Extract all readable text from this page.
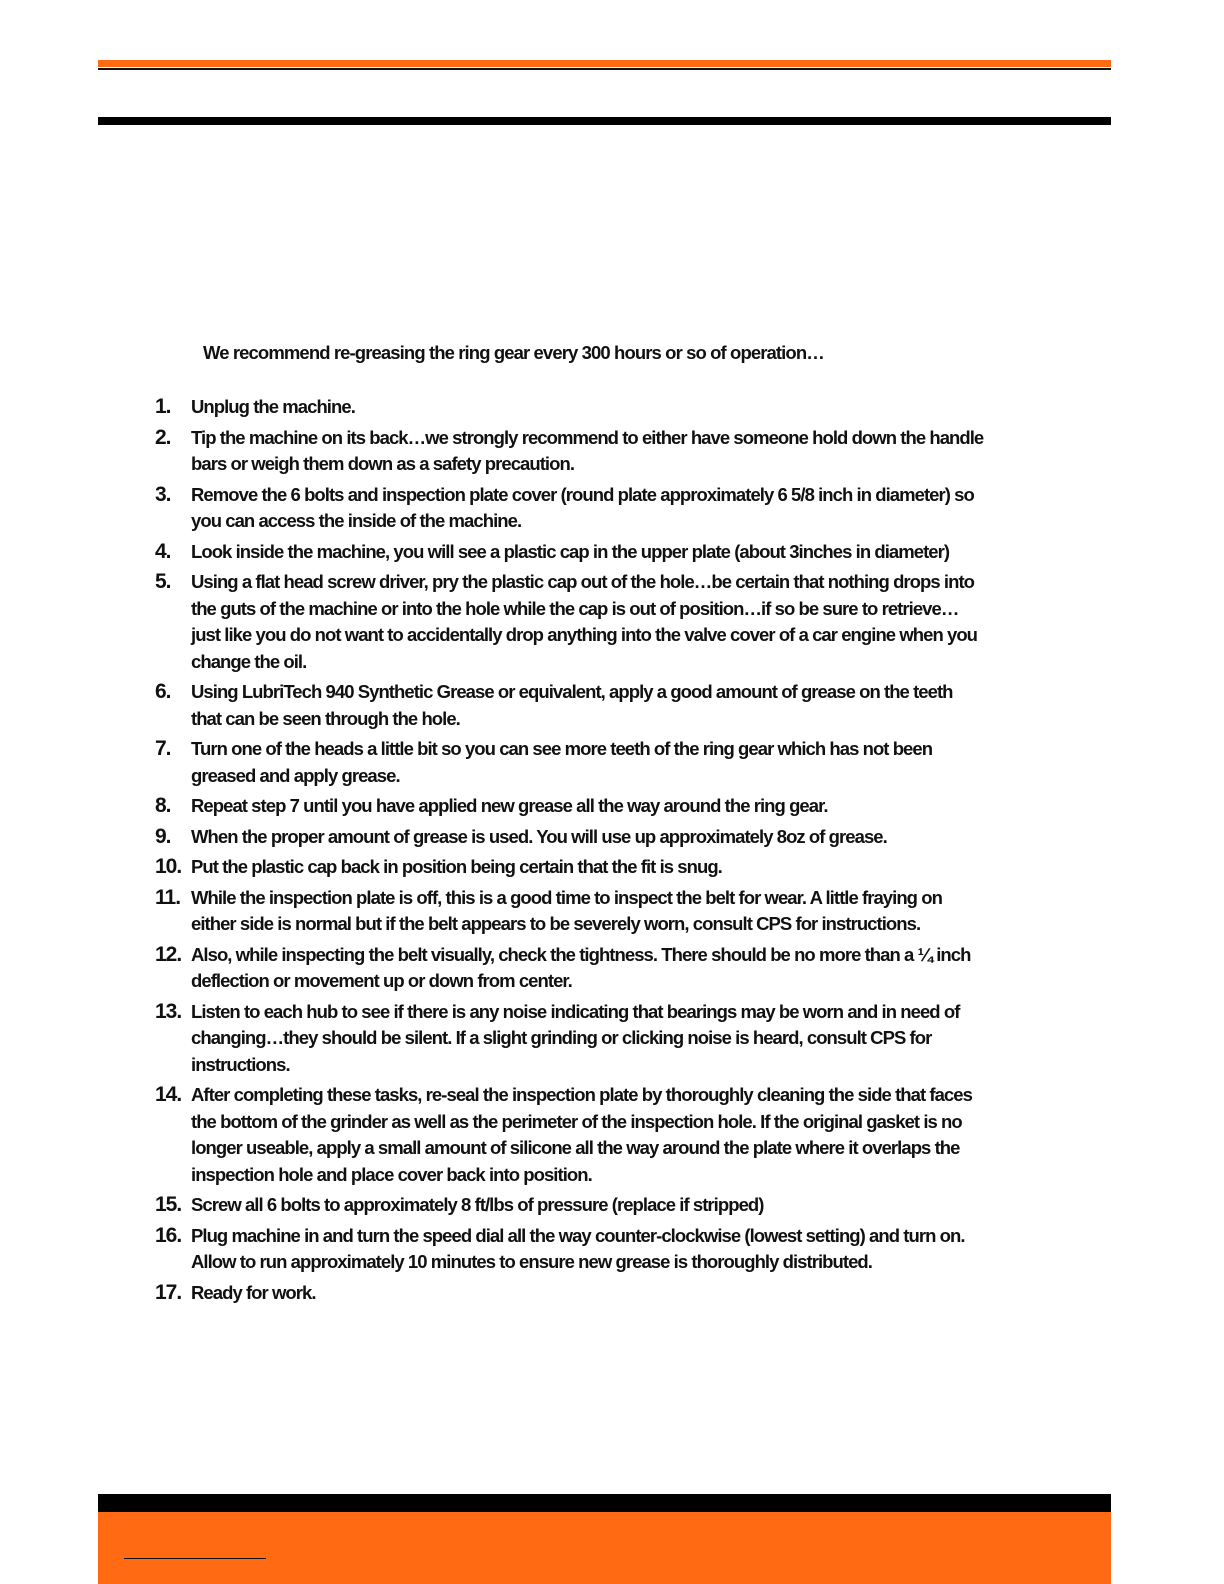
We recommend re-greasing the ring gear every 300 hours or so of operation…

1.	Unplug the machine.
2.	Tip the machine on its back…we strongly recommend to either have someone hold down the handle bars or weigh them down as a safety precaution.
3.	Remove the 6 bolts and inspection plate cover (round plate approximately 6 5/8 inch in diameter) so you can access the inside of the machine.
4.	Look inside the machine, you will see a plastic cap in the upper plate (about 3inches in diameter)
5.	Using a flat head screw driver, pry the plastic cap out of the hole…be certain that nothing drops into the guts of the machine or into the hole while the cap is out of position…if so be sure to retrieve…just like you do not want to accidentally drop anything into the valve cover of a car engine when you change the oil.
6.	Using LubriTech 940 Synthetic Grease or equivalent, apply a good amount of grease on the teeth that can be seen through the hole.
7.	Turn one of the heads a little bit so you can see more teeth of the ring gear which has not been greased and apply grease.
8.	Repeat step 7 until you have applied new grease all the way around the ring gear.
9.	When the proper amount of grease is used. You will use up approximately 8oz of grease.
10. Put the plastic cap back in position being certain that the fit is snug.
11. While the inspection plate is off, this is a good time to inspect the belt for wear. A little fraying on either side is normal but if the belt appears to be severely worn, consult CPS for instructions.
12. Also, while inspecting the belt visually, check the tightness. There should be no more than a ¼ inch deflection or movement up or down from center.
13. Listen to each hub to see if there is any noise indicating that bearings may be worn and in need of changing…they should be silent. If a slight grinding or clicking noise is heard, consult CPS for instructions.
14. After completing these tasks, re-seal the inspection plate by thoroughly cleaning the side that faces the bottom of the grinder as well as the perimeter of the inspection hole. If the original gasket is no longer useable, apply a small amount of silicone all the way around the plate where it overlaps the inspection hole and place cover back into position.
15. Screw all 6 bolts to approximately 8 ft/lbs of pressure (replace if stripped)
16. Plug machine in and turn the speed dial all the way counter-clockwise (lowest setting) and turn on. Allow to run approximately 10 minutes to ensure new grease is thoroughly distributed.
17. Ready for work.
